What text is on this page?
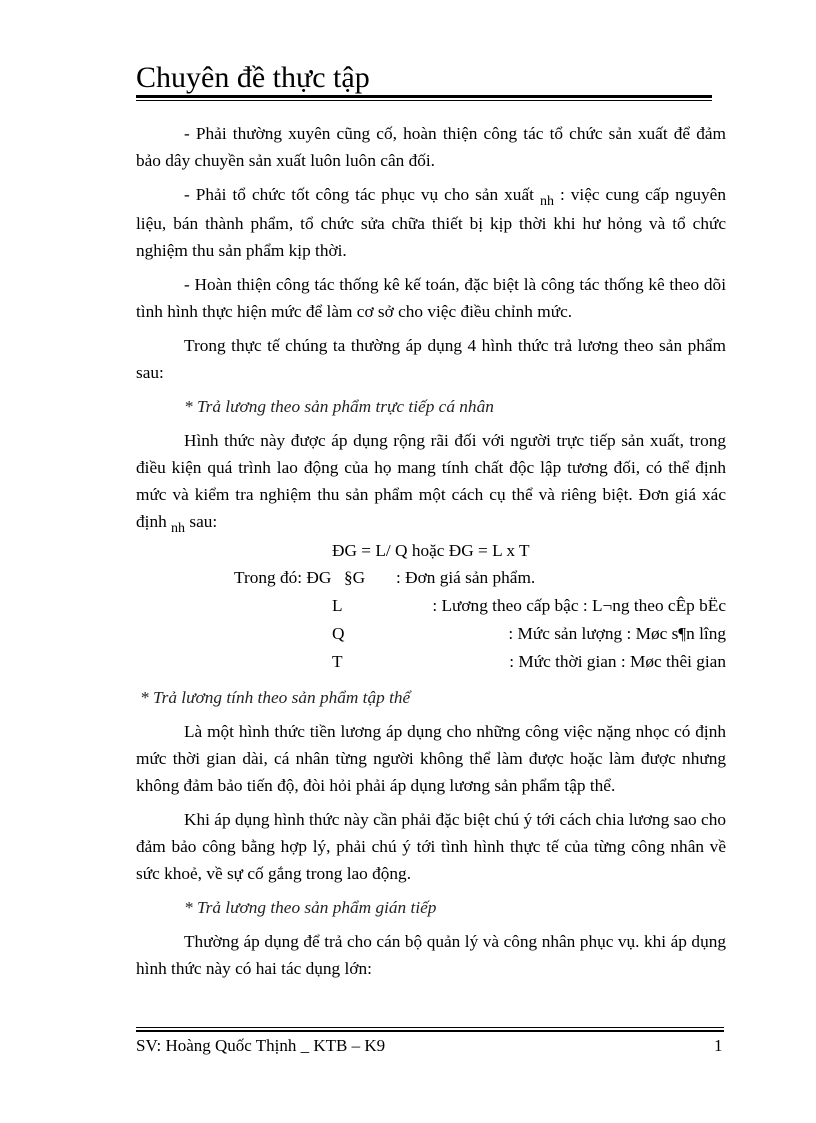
Chuyên đề thực tập

- Phải thường xuyên cũng cố, hoàn thiện công tác tổ chức sản xuất để đảm bảo dây chuyền sản xuất luôn luôn cân đối.

- Phải tổ chức tốt công tác phục vụ cho sản xuất $_{nh}$ : việc cung cấp nguyên liệu, bán thành phẩm, tổ chức sửa chữa thiết bị kịp thời khi hư hỏng và tổ chức nghiệm thu sản phẩm kịp thời.

- Hoàn thiện công tác thống kê kế toán, đặc biệt là công tác thống kê theo dõi tình hình thực hiện mức để làm cơ sở cho việc điều chỉnh mức.

Trong thực tế chúng ta thường áp dụng 4 hình thức trả lương theo sản phẩm sau:

* Trả lương theo sản phẩm trực tiếp cá nhân

Hình thức này được áp dụng rộng rãi đối với người trực tiếp sản xuất, trong điều kiện quá trình lao động của họ mang tính chất độc lập tương đối, có thể định mức và kiểm tra nghiệm thu sản phẩm một cách cụ thể và riêng biệt. Đơn giá xác định $_{nh}$ sau:

ĐG = L/ Q hoặc ĐG = L x T
Trong đó: ĐG §G	: Đơn giá sản phẩm.
L	: Lương theo cấp bậc : L¬ng theo cÊp bËc
Q	: Mức sản lượng : Møc s¶n lîng
T	: Mức thời gian : Møc thêi gian

* Trả lương tính theo sản phẩm tập thể

Là một hình thức tiền lương áp dụng cho những công việc nặng nhọc có định mức thời gian dài, cá nhân từng người không thể làm được hoặc làm được nhưng không đảm bảo tiến độ, đòi hỏi phải áp dụng lương sản phẩm tập thể.

Khi áp dụng hình thức này cần phải đặc biệt chú ý tới cách chia lương sao cho đảm bảo công bằng hợp lý, phải chú ý tới tình hình thực tế của từng công nhân về sức khoẻ, về sự cố gắng trong lao động.

* Trả lương theo sản phẩm gián tiếp

Thường áp dụng để trả cho cán bộ quản lý và công nhân phục vụ. khi áp dụng hình thức này có hai tác dụng lớn:

SV: Hoàng Quốc Thịnh _ KTB – K9	1
